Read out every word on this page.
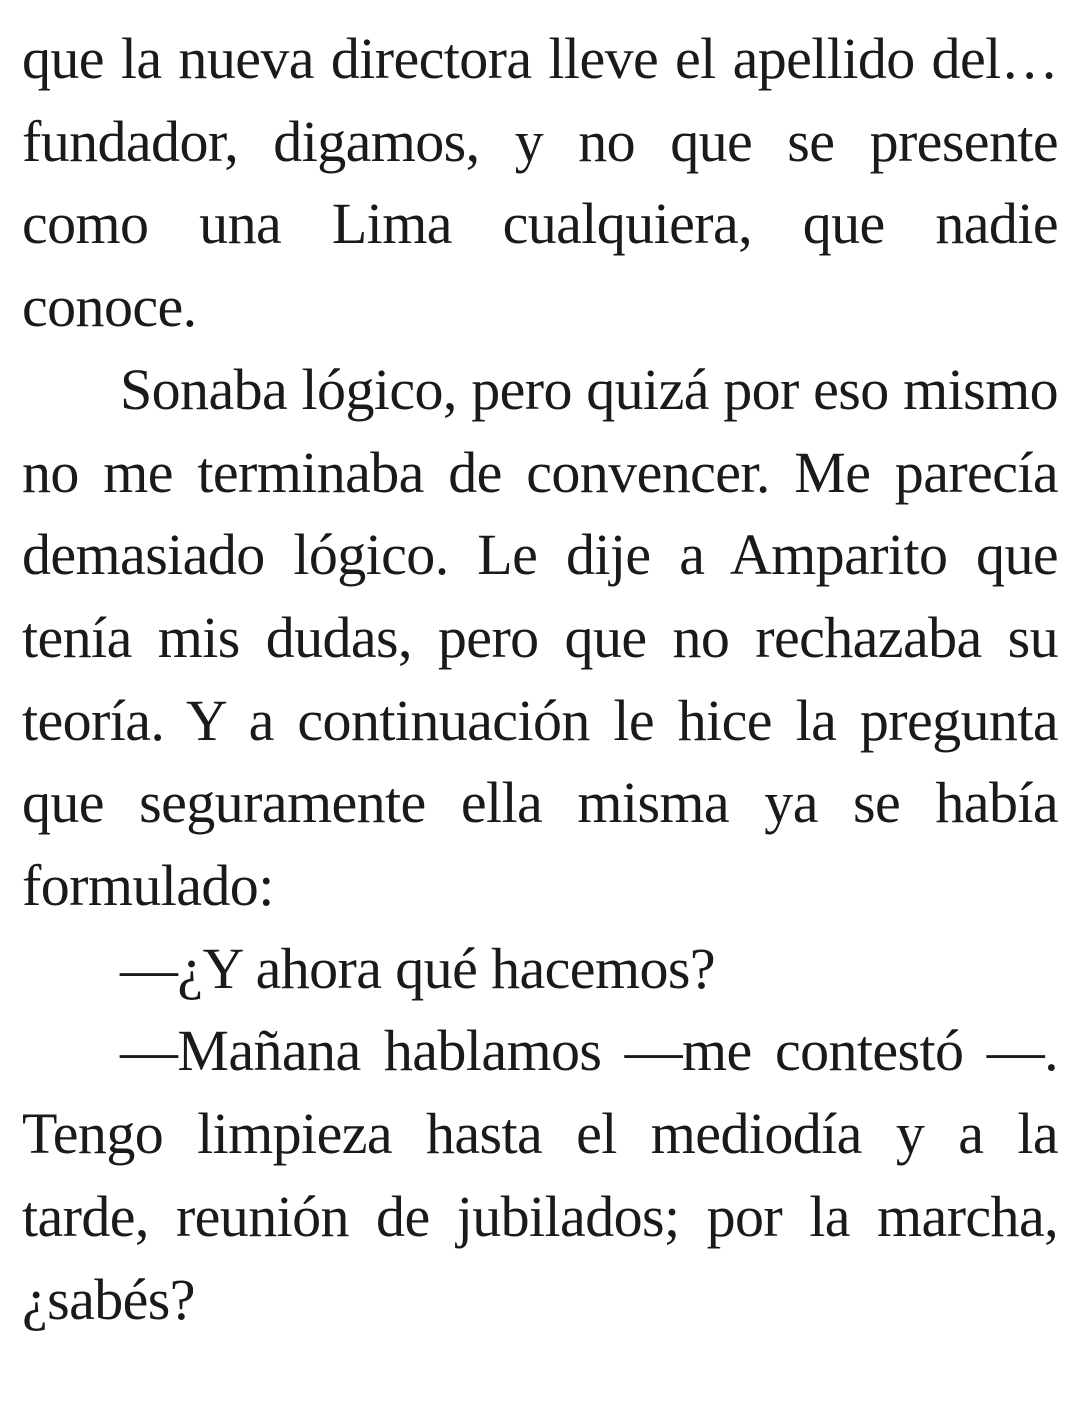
que la nueva directora lleve el apellido del… fundador, digamos, y no que se presente como una Lima cualquiera, que nadie conoce.

Sonaba lógico, pero quizá por eso mismo no me terminaba de convencer. Me parecía demasiado lógico. Le dije a Amparito que tenía mis dudas, pero que no rechazaba su teoría. Y a continuación le hice la pregunta que seguramente ella misma ya se había formulado:

—¿Y ahora qué hacemos?

—Mañana hablamos —me contestó —. Tengo limpieza hasta el mediodía y a la tarde, reunión de jubilados; por la marcha, ¿sabés?
